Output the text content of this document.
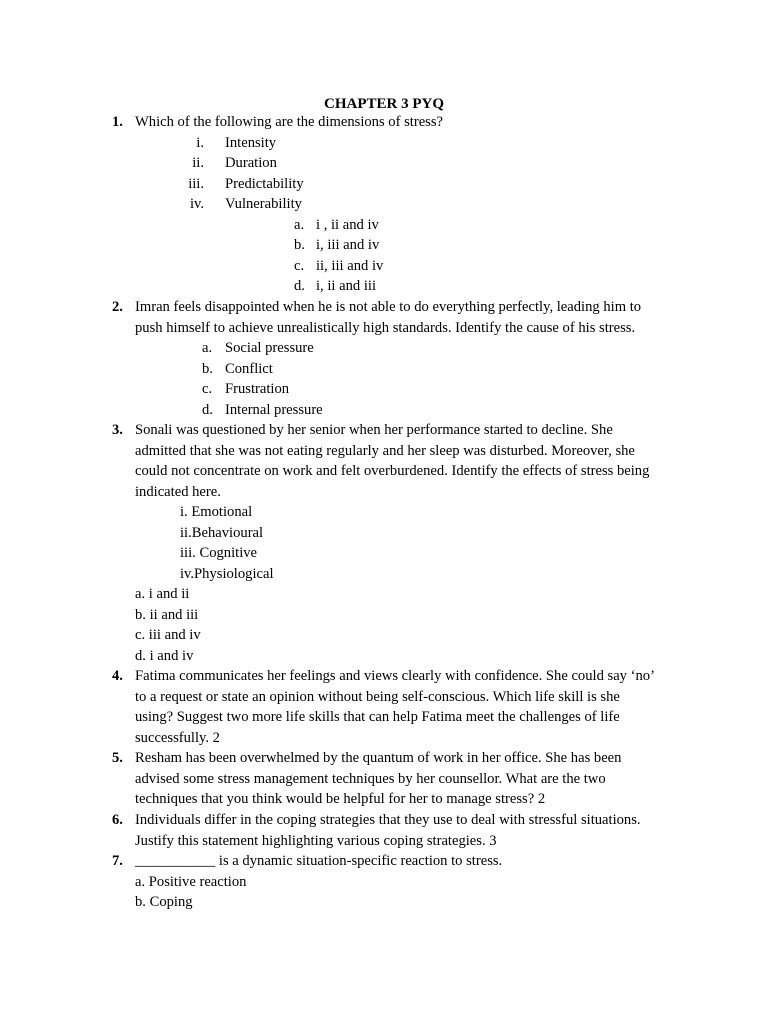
CHAPTER 3 PYQ
1. Which of the following are the dimensions of stress?
i. Intensity
ii. Duration
iii. Predictability
iv. Vulnerability
a. i , ii and iv
b. i, iii and iv
c. ii, iii and iv
d. i, ii and iii
2. Imran feels disappointed when he is not able to do everything perfectly, leading him to
push himself to achieve unrealistically high standards. Identify the cause of his stress.
a. Social pressure
b. Conflict
c. Frustration
d. Internal pressure
3. Sonali was questioned by her senior when her performance started to decline. She
admitted that she was not eating regularly and her sleep was disturbed. Moreover, she
could not concentrate on work and felt overburdened. Identify the effects of stress being
indicated here.
i. Emotional
ii.Behavioural
iii. Cognitive
iv.Physiological
a. i and ii
b. ii and iii
c. iii and iv
d. i and iv
4. Fatima communicates her feelings and views clearly with confidence. She could say ‘no’
to a request or state an opinion without being self-conscious. Which life skill is she
using? Suggest two more life skills that can help Fatima meet the challenges of life
successfully. 2
5. Resham has been overwhelmed by the quantum of work in her office. She has been
advised some stress management techniques by her counsellor. What are the two
techniques that you think would be helpful for her to manage stress? 2
6. Individuals differ in the coping strategies that they use to deal with stressful situations.
Justify this statement highlighting various coping strategies. 3
7. ___________ is a dynamic situation-specific reaction to stress.
a. Positive reaction
b. Coping
